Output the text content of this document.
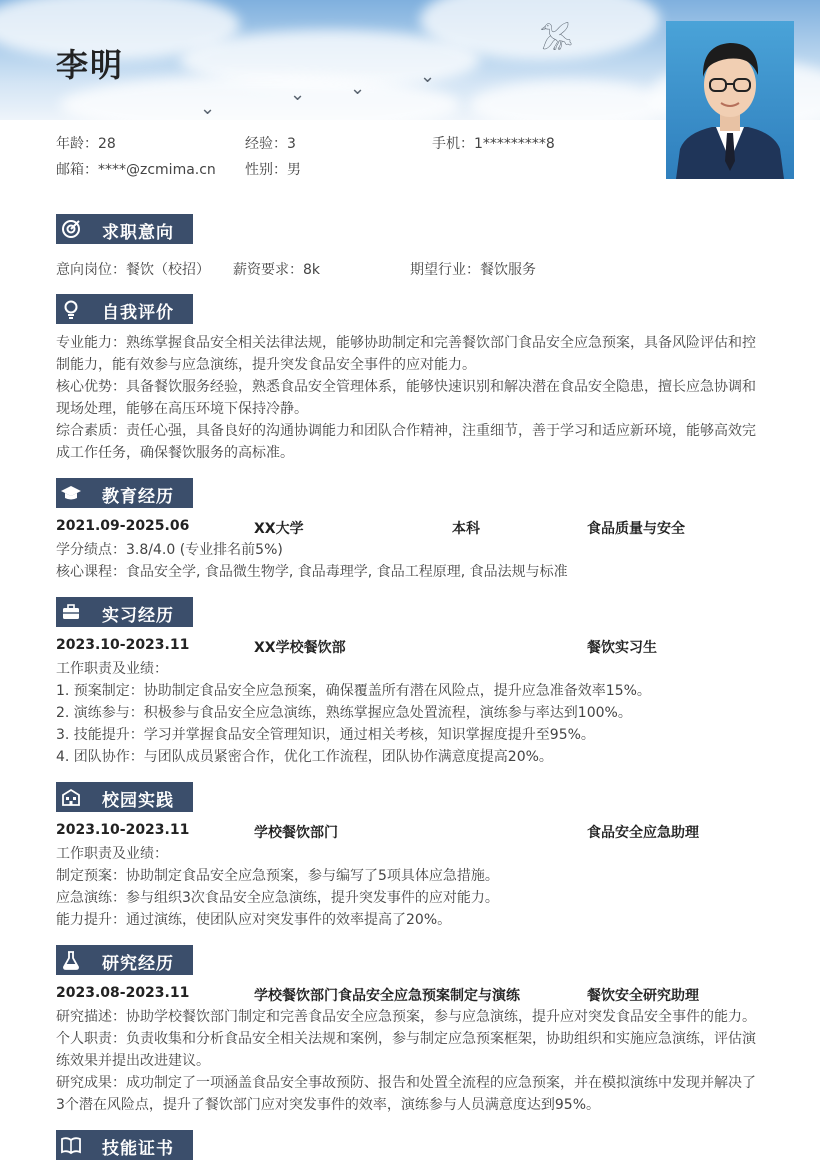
𓅮
⌄
⌄
⌄
⌄
李明
年龄：28	经验：3	手机：1*********8
邮箱：****@zcmima.cn 性别：男
求职意向
意向岗位：餐饮（校招） 薪资要求：8k	期望行业：餐饮服务
自我评价
专业能力：熟练掌握食品安全相关法律法规，能够协助制定和完善餐饮部门食品安全应急预案，具备风险评估和控
制能力，能有效参与应急演练，提升突发食品安全事件的应对能力。
核心优势：具备餐饮服务经验，熟悉食品安全管理体系，能够快速识别和解决潜在食品安全隐患，擅长应急协调和
现场处理，能够在高压环境下保持冷静。
综合素质：责任心强，具备良好的沟通协调能力和团队合作精神，注重细节，善于学习和适应新环境，能够高效完
成工作任务，确保餐饮服务的高标准。
教育经历
2021.09-2025.06	XX大学	本科	食品质量与安全
学分绩点：3.8/4.0 (专业排名前5%)
核心课程：食品安全学, 食品微生物学, 食品毒理学, 食品工程原理, 食品法规与标准
实习经历
2023.10-2023.11	XX学校餐饮部	餐饮实习生
工作职责及业绩：
1. 预案制定：协助制定食品安全应急预案，确保覆盖所有潜在风险点，提升应急准备效率15%。
2. 演练参与：积极参与食品安全应急演练，熟练掌握应急处置流程，演练参与率达到100%。
3. 技能提升：学习并掌握食品安全管理知识，通过相关考核，知识掌握度提升至95%。
4. 团队协作：与团队成员紧密合作，优化工作流程，团队协作满意度提高20%。
校园实践
2023.10-2023.11	学校餐饮部门	食品安全应急助理
工作职责及业绩：
制定预案：协助制定食品安全应急预案，参与编写了5项具体应急措施。
应急演练：参与组织3次食品安全应急演练，提升突发事件的应对能力。
能力提升：通过演练，使团队应对突发事件的效率提高了20%。
研究经历
2023.08-2023.11	学校餐饮部门食品安全应急预案制定与演练	餐饮安全研究助理
研究描述：协助学校餐饮部门制定和完善食品安全应急预案，参与应急演练，提升应对突发食品安全事件的能力。
个人职责：负责收集和分析食品安全相关法规和案例，参与制定应急预案框架，协助组织和实施应急演练，评估演
练效果并提出改进建议。
研究成果：成功制定了一项涵盖食品安全事故预防、报告和处置全流程的应急预案，并在模拟演练中发现并解决了
3个潜在风险点，提升了餐饮部门应对突发事件的效率，演练参与人员满意度达到95%。
技能证书
